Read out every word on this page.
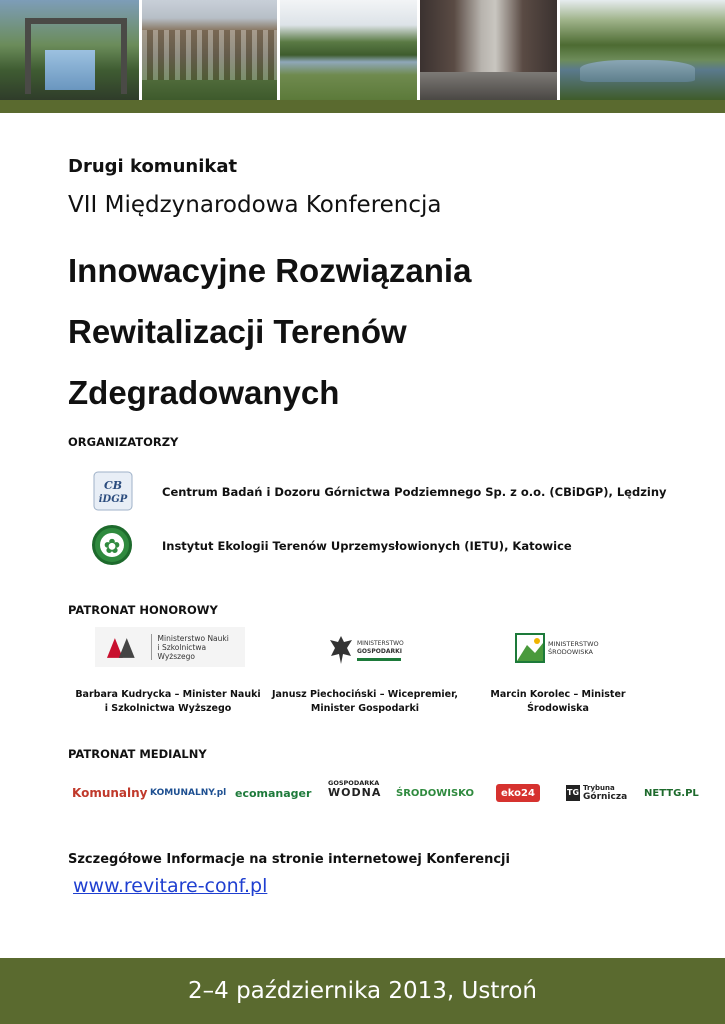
Drugi komunikat
VII Międzynarodowa Konferencja
Innowacyjne Rozwiązania
Rewitalizacji Terenów
Zdegradowanych
ORGANIZATORZY
CB
iDGP
Centrum Badań i Dozoru Górnictwa Podziemnego Sp. z o.o. (CBiDGP), Lędziny
✿
Instytut Ekologii Terenów Uprzemysłowionych (IETU), Katowice
PATRONAT HONOROWY
Ministerstwo Nauki
i Szkolnictwa Wyższego
MINISTERSTWO
GOSPODARKI
MINISTERSTWO
ŚRODOWISKA
Barbara Kudrycka – Minister Nauki
i Szkolnictwa Wyższego
Janusz Piechociński – Wicepremier,
Minister Gospodarki
Marcin Korolec – Minister
Środowiska
PATRONAT MEDIALNY
Komunalny KOMUNALNY.pl ecomanager
GOSPODARKA
WODNA ŚRODOWISKO	eko24	TG Trybuna
Górnicza NETTG.PL
Szczegółowe Informacje na stronie internetowej Konferencji
www.revitare-conf.pl
2–4 października 2013, Ustroń
